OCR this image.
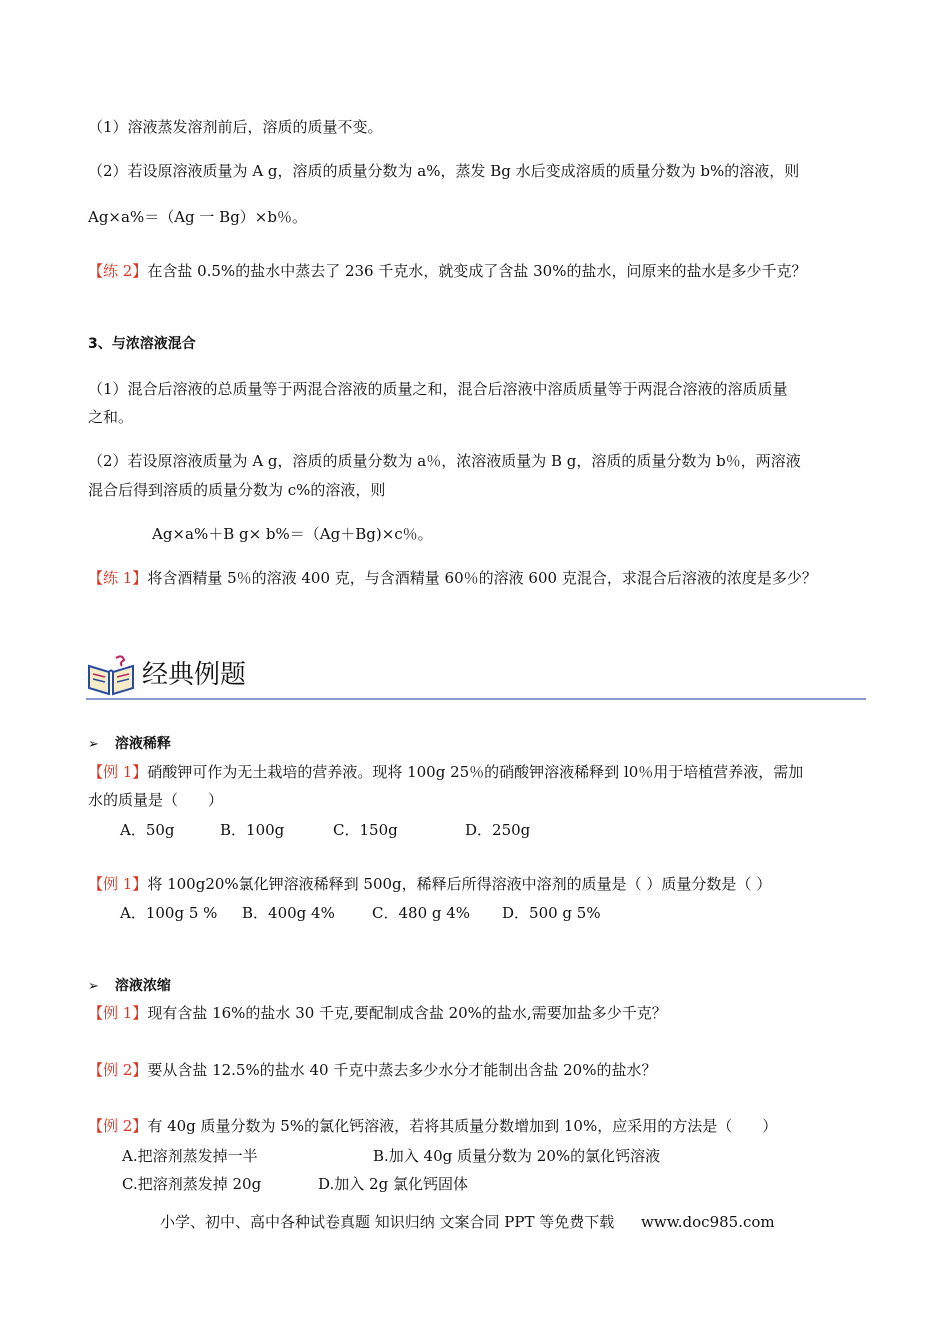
（1）溶液蒸发溶剂前后，溶质的质量不变。
（2）若设原溶液质量为 A g，溶质的质量分数为 a%，蒸发 Bg 水后变成溶质的质量分数为 b%的溶液，则
Ag×a%＝（Ag 一 Bg）×b％。
【练 2】在含盐 0.5%的盐水中蒸去了 236 千克水，就变成了含盐 30%的盐水，问原来的盐水是多少千克？
3、与浓溶液混合
（1）混合后溶液的总质量等于两混合溶液的质量之和，混合后溶液中溶质质量等于两混合溶液的溶质质量
之和。
（2）若设原溶液质量为 A g，溶质的质量分数为 a％，浓溶液质量为 B g，溶质的质量分数为 b％，两溶液
混合后得到溶质的质量分数为 c%的溶液，则
Ag×a%＋B g× b%＝（Ag＋Bg)×c％。
【练 1】将含酒精量 5％的溶液 400 克，与含酒精量 60％的溶液 600 克混合，求混合后溶液的浓度是多少？
经典例题
➢ 溶液稀释
【例 1】硝酸钾可作为无土栽培的营养液。现将 100g 25％的硝酸钾溶液稀释到 l0％用于培植营养液，需加
水的质量是（　　）
A．50g	B．100g	C．150g	D．250g
【例 1】将 100g20%氯化钾溶液稀释到 500g，稀释后所得溶液中溶剂的质量是（ ）质量分数是（ ）
A．100g 5 % B．400g 4% C．480 g 4% D．500 g 5%
➢ 溶液浓缩
【例 1】现有含盐 16%的盐水 30 千克,要配制成含盐 20%的盐水,需要加盐多少千克？
【例 2】要从含盐 12.5%的盐水 40 千克中蒸去多少水分才能制出含盐 20%的盐水？
【例 2】有 40g 质量分数为 5%的氯化钙溶液，若将其质量分数增加到 10%，应采用的方法是（　　）
A.把溶剂蒸发掉一半	B.加入 40g 质量分数为 20%的氯化钙溶液
C.把溶剂蒸发掉 20g	D.加入 2g 氯化钙固体
小学、初中、高中各种试卷真题 知识归纳 文案合同 PPT 等免费下载 www.doc985.com
